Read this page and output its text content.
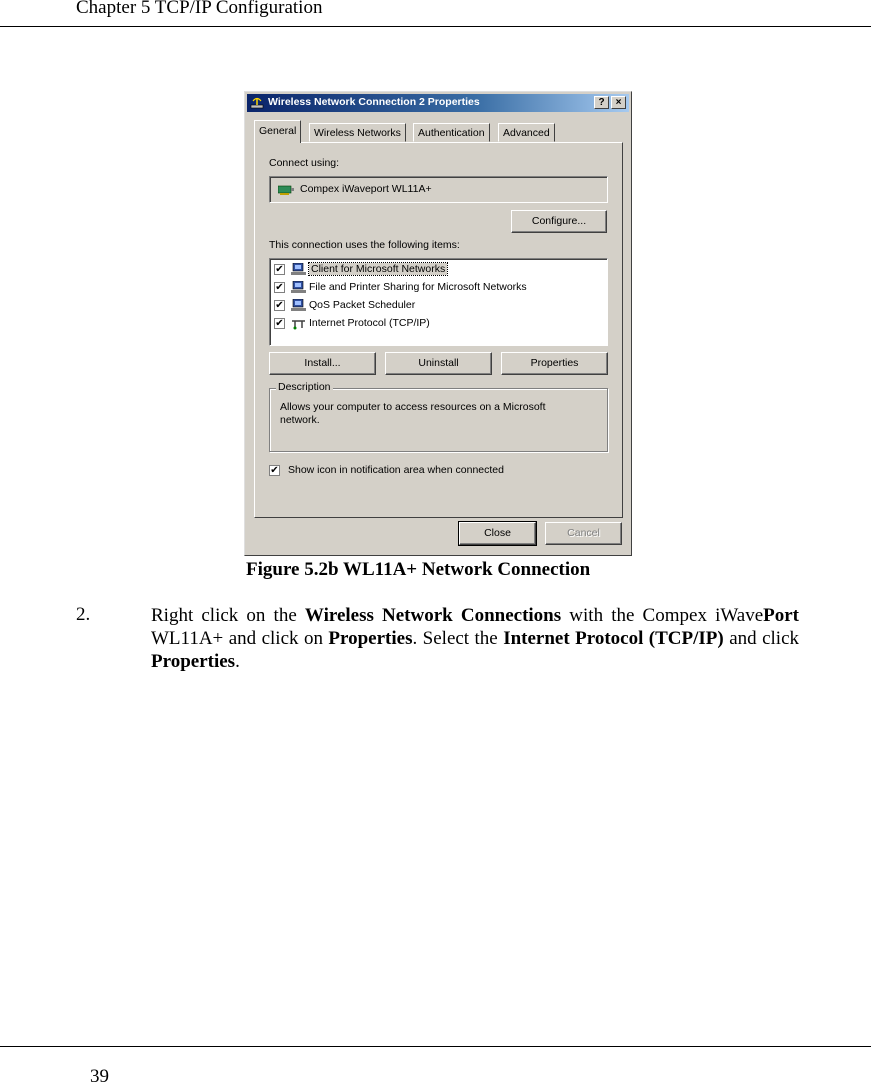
Chapter 5 TCP/IP Configuration
Wireless Network Connection 2 Properties	?	×
General	Wireless Networks	Authentication	Advanced
Connect using:
Compex iWaveport WL11A+
Configure...
This connection uses the following items:
✔	Client for Microsoft Networks
✔ File and Printer Sharing for Microsoft Networks
✔ QoS Packet Scheduler
✔ Internet Protocol (TCP/IP)
Install...	Uninstall	Properties
Description
Allows your computer to access resources on a Microsoft network.
✔ Show icon in notification area when connected
Close	Cancel
Figure 5.2b WL11A+ Network Connection
2.	Right click on the Wireless Network Connections with the Compex iWavePort WL11A+ and click on Properties. Select the Internet Protocol (TCP/IP) and click Properties.
39
